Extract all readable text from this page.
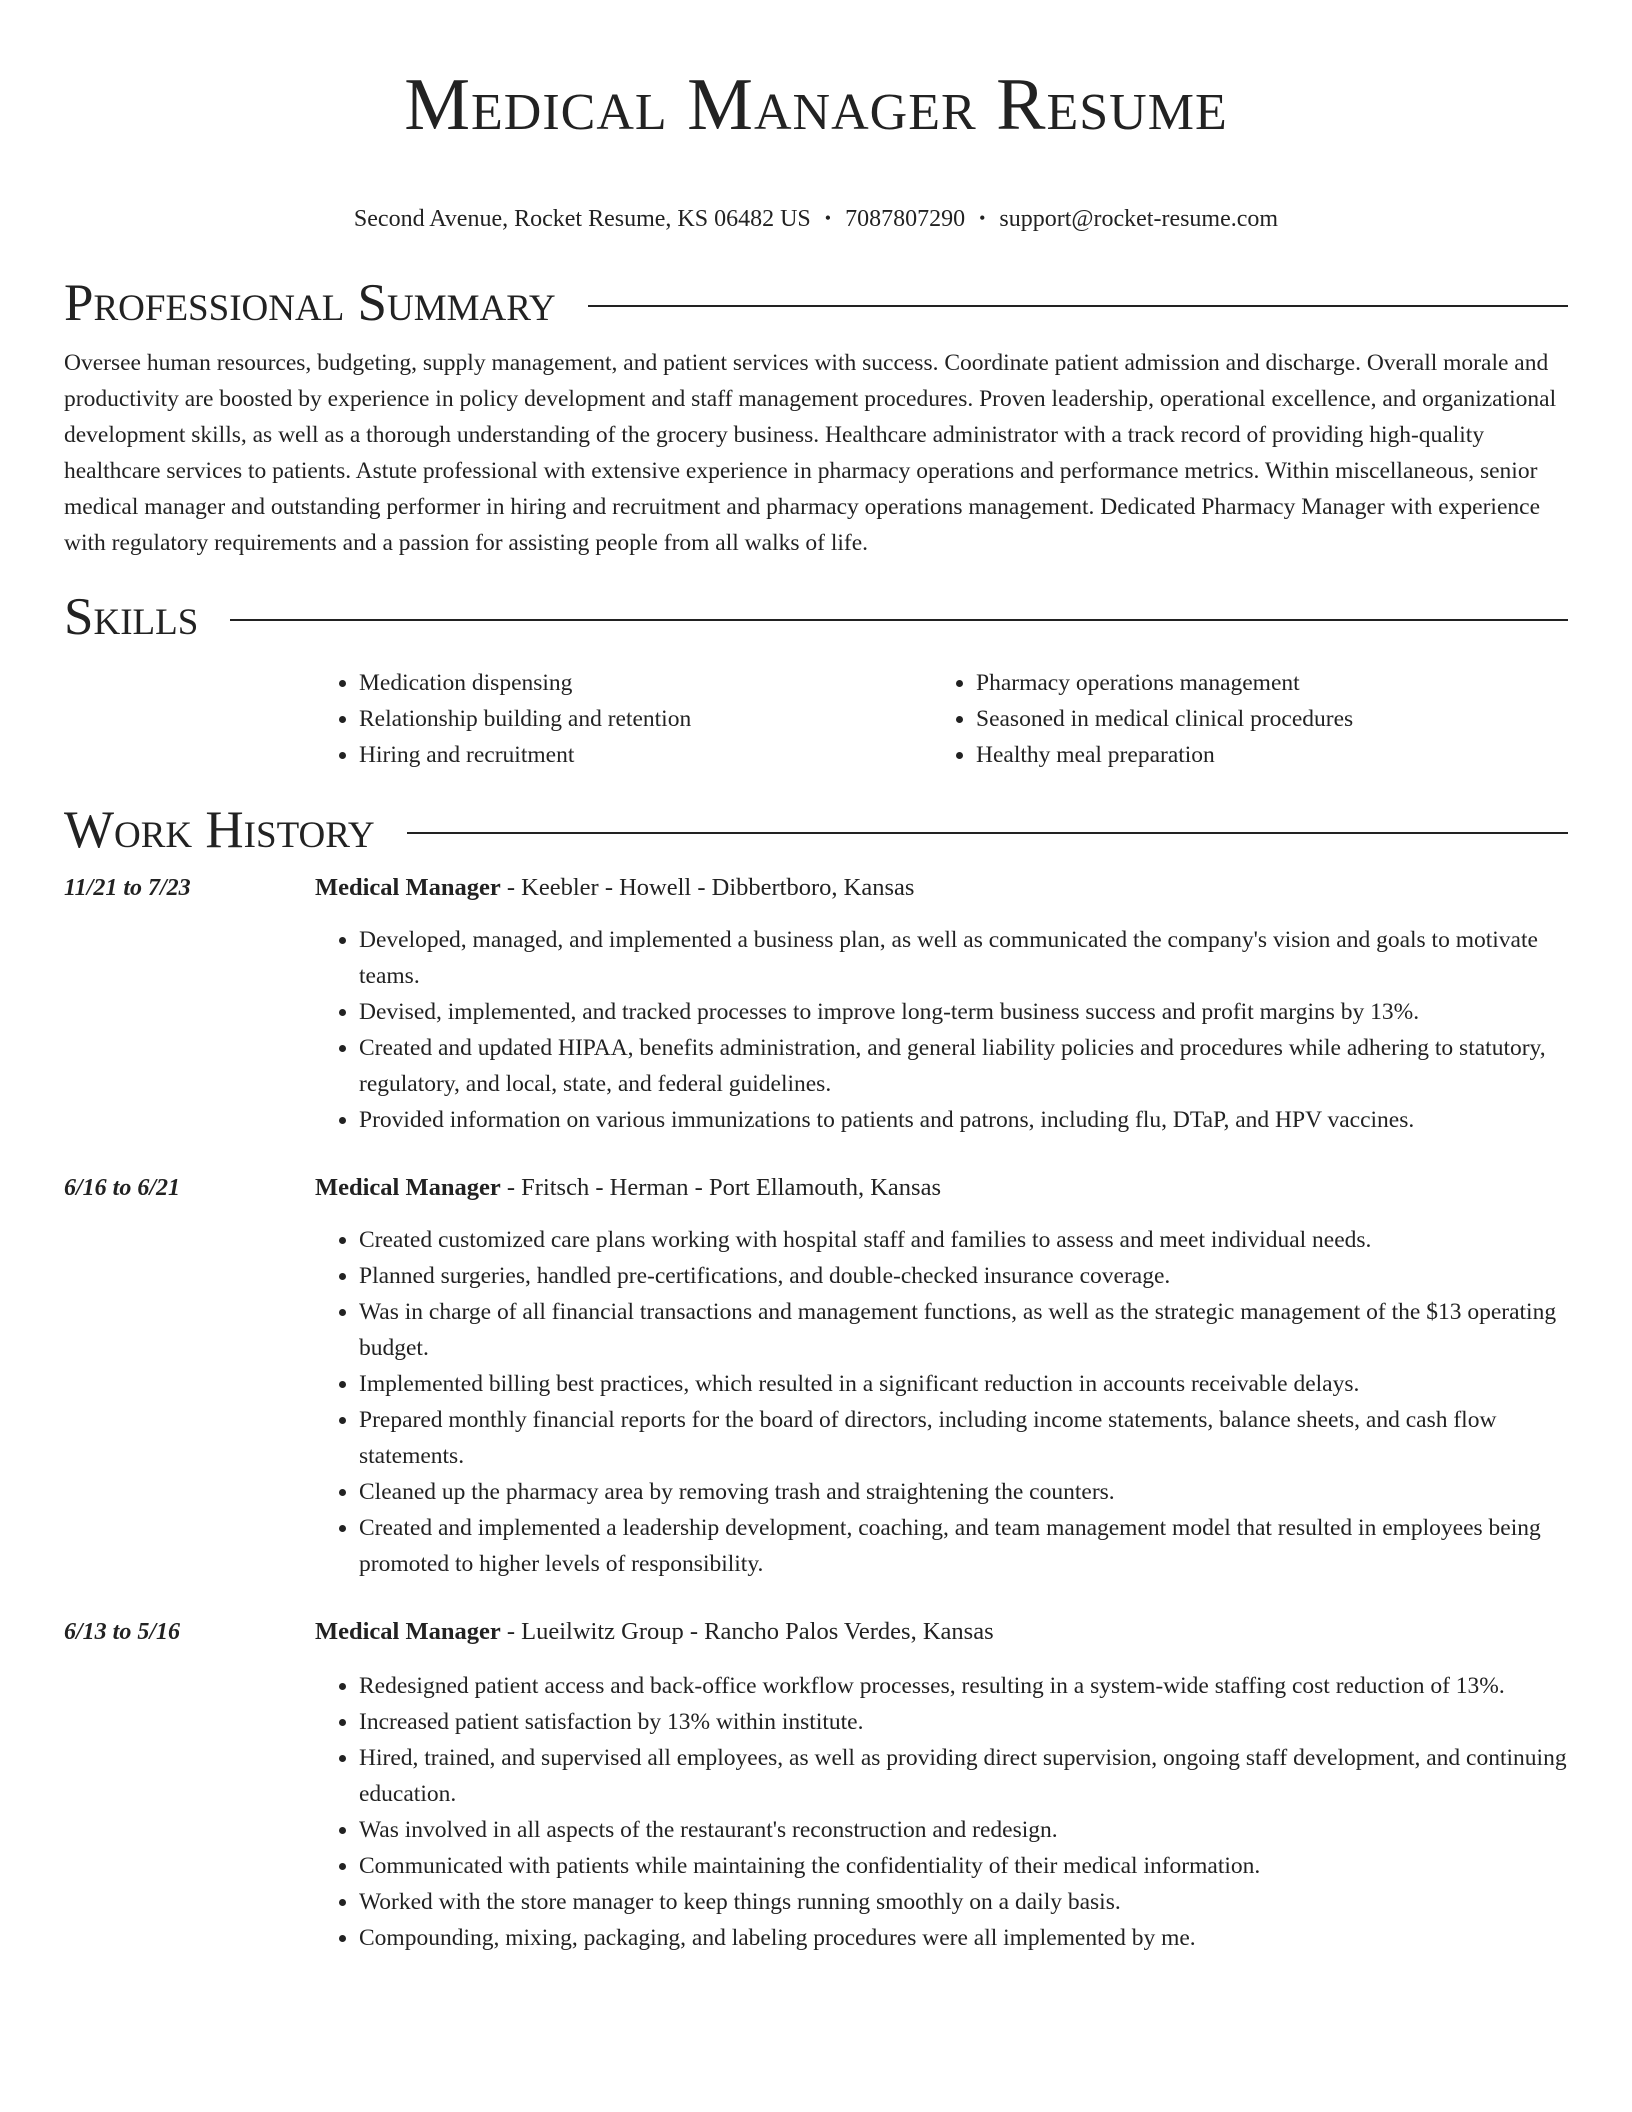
Medical Manager Resume
Second Avenue, Rocket Resume, KS 06482 US • 7087807290 • support@rocket-resume.com
Professional Summary

Oversee human resources, budgeting, supply management, and patient services with success. Coordinate patient admission and discharge. Overall morale and productivity are boosted by experience in policy development and staff management procedures. Proven leadership, operational excellence, and organizational development skills, as well as a thorough understanding of the grocery business. Healthcare administrator with a track record of providing high-quality healthcare services to patients. Astute professional with extensive experience in pharmacy operations and performance metrics. Within miscellaneous, senior medical manager and outstanding performer in hiring and recruitment and pharmacy operations management. Dedicated Pharmacy Manager with experience with regulatory requirements and a passion for assisting people from all walks of life.

Skills
• Medication dispensing
• Relationship building and retention
• Hiring and recruitment
• Pharmacy operations management
• Seasoned in medical clinical procedures
• Healthy meal preparation
Work History
11/21 to 7/23	Medical Manager - Keebler - Howell - Dibbertboro, Kansas
• Developed, managed, and implemented a business plan, as well as communicated the company's vision and goals to motivate teams.
• Devised, implemented, and tracked processes to improve long-term business success and profit margins by 13%.
• Created and updated HIPAA, benefits administration, and general liability policies and procedures while adhering to statutory, regulatory, and local, state, and federal guidelines.
• Provided information on various immunizations to patients and patrons, including flu, DTaP, and HPV vaccines.
6/16 to 6/21	Medical Manager - Fritsch - Herman - Port Ellamouth, Kansas
• Created customized care plans working with hospital staff and families to assess and meet individual needs.
• Planned surgeries, handled pre-certifications, and double-checked insurance coverage.
• Was in charge of all financial transactions and management functions, as well as the strategic management of the $13 operating budget.
• Implemented billing best practices, which resulted in a significant reduction in accounts receivable delays.
• Prepared monthly financial reports for the board of directors, including income statements, balance sheets, and cash flow statements.
• Cleaned up the pharmacy area by removing trash and straightening the counters.
• Created and implemented a leadership development, coaching, and team management model that resulted in employees being promoted to higher levels of responsibility.
6/13 to 5/16	Medical Manager - Lueilwitz Group - Rancho Palos Verdes, Kansas
• Redesigned patient access and back-office workflow processes, resulting in a system-wide staffing cost reduction of 13%.
• Increased patient satisfaction by 13% within institute.
• Hired, trained, and supervised all employees, as well as providing direct supervision, ongoing staff development, and continuing education.
• Was involved in all aspects of the restaurant's reconstruction and redesign.
• Communicated with patients while maintaining the confidentiality of their medical information.
• Worked with the store manager to keep things running smoothly on a daily basis.
• Compounding, mixing, packaging, and labeling procedures were all implemented by me.
